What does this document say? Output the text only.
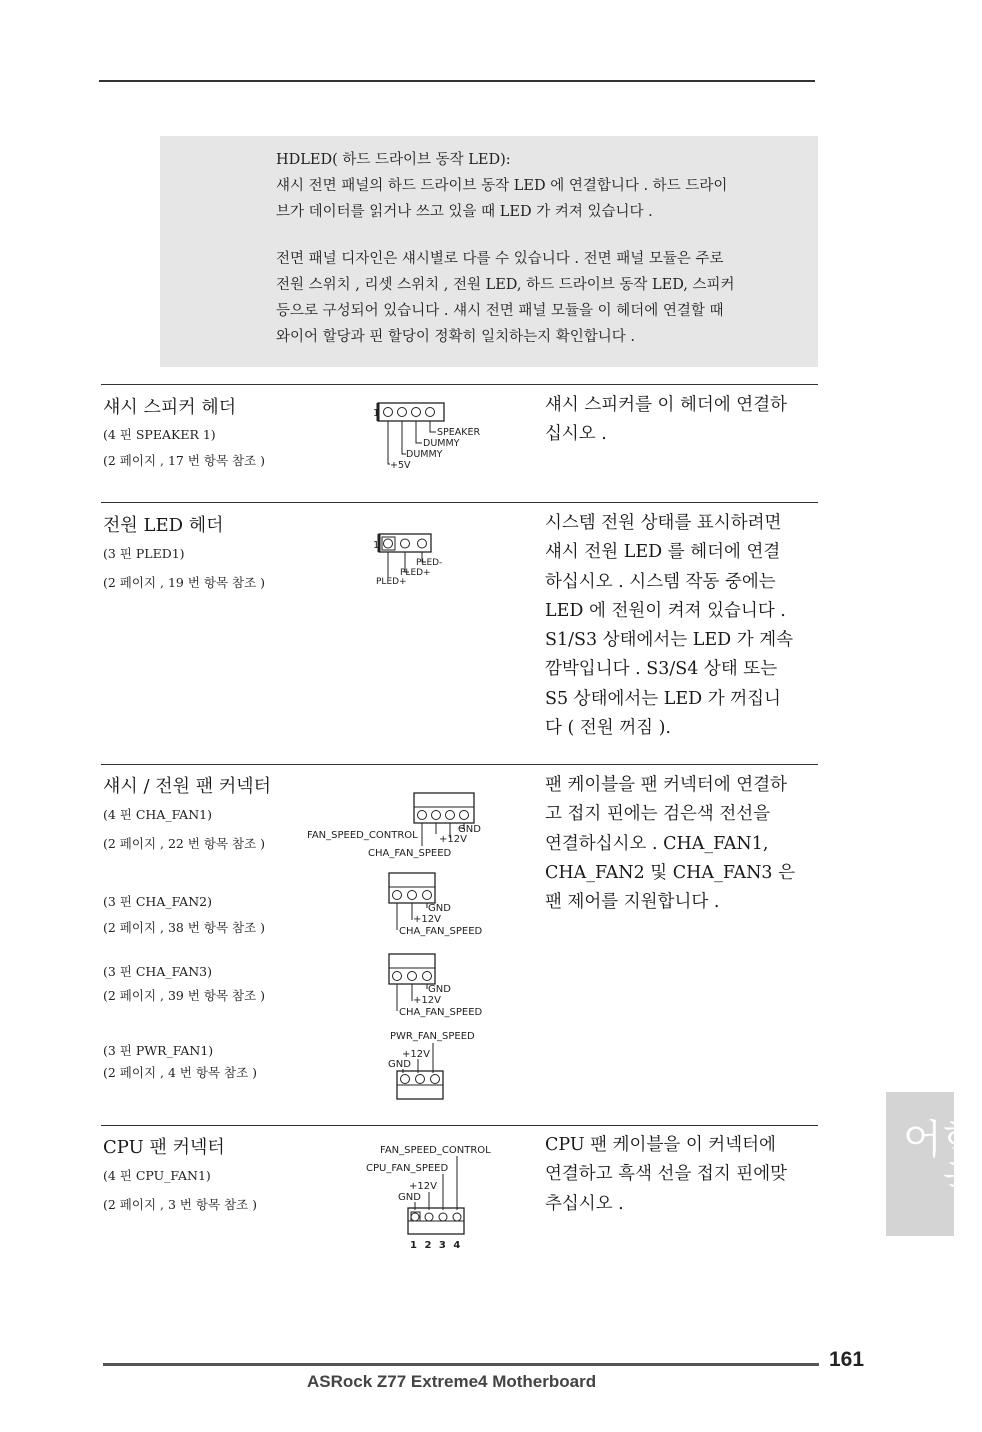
HDLED( 하드 드라이브 동작 LED):

섀시 전면 패널의 하드 드라이브 동작 LED 에 연결합니다 . 하드 드라이

브가 데이터를 읽거나 쓰고 있을 때 LED 가 켜져 있습니다 .

전면 패널 디자인은 섀시별로 다를 수 있습니다 . 전면 패널 모듈은 주로

전원 스위치 , 리셋 스위치 , 전원 LED, 하드 드라이브 동작 LED, 스피커

등으로 구성되어 있습니다 . 섀시 전면 패널 모듈을 이 헤더에 연결할 때

와이어 할당과 핀 할당이 정확히 일치하는지 확인합니다 .

섀시 스피커 헤더
(4 핀 SPEAKER 1)
(2 페이지 , 17 번 항목 참조 )
섀시 스피커를 이 헤더에 연결하
십시오 .
1
SPEAKER
DUMMY
DUMMY
+5V
전원 LED 헤더
(3 핀 PLED1)
(2 페이지 , 19 번 항목 참조 )
시스템 전원 상태를 표시하려면
섀시 전원 LED 를 헤더에 연결
하십시오 . 시스템 작동 중에는
LED 에 전원이 켜져 있습니다 .
S1/S3 상태에서는 LED 가 계속
깜박입니다 . S3/S4 상태 또는
S5 상태에서는 LED 가 꺼집니
다 ( 전원 꺼짐 ).
1
PLED-
PLED+
PLED+
섀시 / 전원 팬 커넥터
(4 핀 CHA_FAN1)
(2 페이지 , 22 번 항목 참조 )
(3 핀 CHA_FAN2)
(2 페이지 , 38 번 항목 참조 )
(3 핀 CHA_FAN3)
(2 페이지 , 39 번 항목 참조 )
(3 핀 PWR_FAN1)
(2 페이지 , 4 번 항목 참조 )
팬 케이블을 팬 커넥터에 연결하
고 접지 핀에는 검은색 전선을
연결하십시오 . CHA_FAN1,
CHA_FAN2 및 CHA_FAN3 은
팬 제어를 지원합니다 .
GND
+12V
FAN_SPEED_CONTROL
CHA_FAN_SPEED
GND
+12V
CHA_FAN_SPEED
GND
+12V
CHA_FAN_SPEED
PWR_FAN_SPEED
+12V
GND
CPU 팬 커넥터
(4 핀 CPU_FAN1)
(2 페이지 , 3 번 항목 참조 )
CPU 팬 케이블을 이 커넥터에
연결하고 흑색 선을 접지 핀에맞
추십시오 .
FAN_SPEED_CONTROL
CPU_FAN_SPEED
+12V
GND
1 2 3 4
한국어
161
ASRock Z77 Extreme4 Motherboard
